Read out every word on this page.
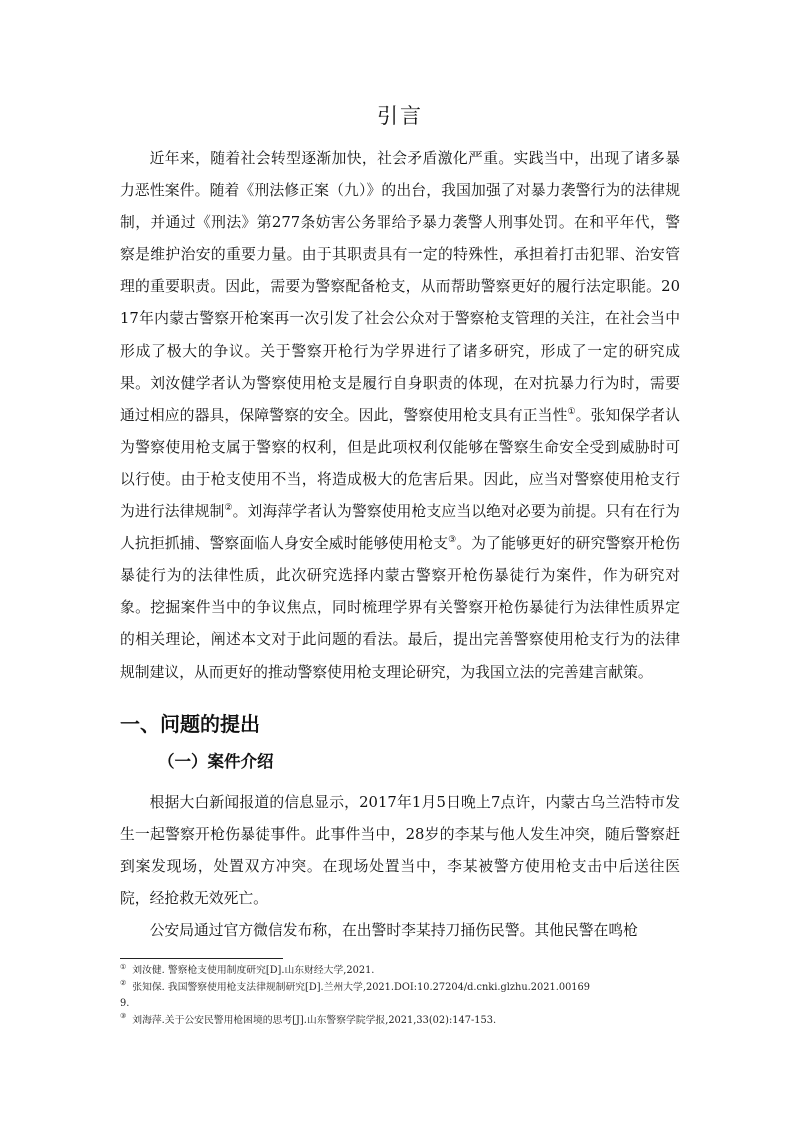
引言

近年来，随着社会转型逐渐加快，社会矛盾激化严重。实践当中，出现了诸多暴力恶性案件。随着《刑法修正案（九）》的出台，我国加强了对暴力袭警行为的法律规制，并通过《刑法》第277条妨害公务罪给予暴力袭警人刑事处罚。在和平年代，警察是维护治安的重要力量。由于其职责具有一定的特殊性，承担着打击犯罪、治安管理的重要职责。因此，需要为警察配备枪支，从而帮助警察更好的履行法定职能。2017年内蒙古警察开枪案再一次引发了社会公众对于警察枪支管理的关注，在社会当中形成了极大的争议。关于警察开枪行为学界进行了诸多研究，形成了一定的研究成果。刘汝健学者认为警察使用枪支是履行自身职责的体现，在对抗暴力行为时，需要通过相应的器具，保障警察的安全。因此，警察使用枪支具有正当性①。张知保学者认为警察使用枪支属于警察的权利，但是此项权利仅能够在警察生命安全受到威胁时可以行使。由于枪支使用不当，将造成极大的危害后果。因此，应当对警察使用枪支行为进行法律规制②。刘海萍学者认为警察使用枪支应当以绝对必要为前提。只有在行为人抗拒抓捕、警察面临人身安全威时能够使用枪支③。为了能够更好的研究警察开枪伤暴徒行为的法律性质，此次研究选择内蒙古警察开枪伤暴徒行为案件，作为研究对象。挖掘案件当中的争议焦点，同时梳理学界有关警察开枪伤暴徒行为法律性质界定的相关理论，阐述本文对于此问题的看法。最后，提出完善警察使用枪支行为的法律规制建议，从而更好的推动警察使用枪支理论研究，为我国立法的完善建言献策。

一、问题的提出
（一）案件介绍

根据大白新闻报道的信息显示，2017年1月5日晚上7点许，内蒙古乌兰浩特市发生一起警察开枪伤暴徒事件。此事件当中，28岁的李某与他人发生冲突，随后警察赶到案发现场，处置双方冲突。在现场处置当中，李某被警方使用枪支击中后送往医院，经抢救无效死亡。

公安局通过官方微信发布称，在出警时李某持刀捅伤民警。其他民警在鸣枪

① 刘汝健. 警察枪支使用制度研究[D].山东财经大学,2021.

② 张知保. 我国警察使用枪支法律规制研究[D].兰州大学,2021.DOI:10.27204/d.cnki.glzhu.2021.001699.

③ 刘海萍.关于公安民警用枪困境的思考[J].山东警察学院学报,2021,33(02):147-153.
